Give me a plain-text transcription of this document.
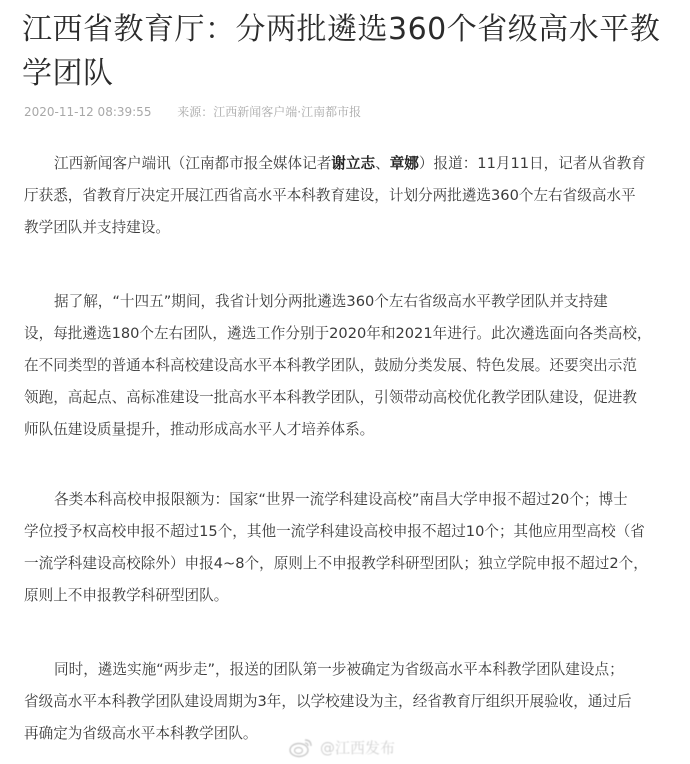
江西省教育厅：分两批遴选360个省级高水平教
学团队
2020-11-12 08:39:55 来源：江西新闻客户端·江南都市报
江西新闻客户端讯（江南都市报全媒体记者谢立志、章娜）报道：11月11日，记者从省教育
厅获悉，省教育厅决定开展江西省高水平本科教育建设，计划分两批遴选360个左右省级高水平
教学团队并支持建设。
据了解，“十四五”期间，我省计划分两批遴选360个左右省级高水平教学团队并支持建
设，每批遴选180个左右团队，遴选工作分别于2020年和2021年进行。此次遴选面向各类高校，
在不同类型的普通本科高校建设高水平本科教学团队，鼓励分类发展、特色发展。还要突出示范
领跑，高起点、高标准建设一批高水平本科教学团队，引领带动高校优化教学团队建设，促进教
师队伍建设质量提升，推动形成高水平人才培养体系。
各类本科高校申报限额为：国家“世界一流学科建设高校”南昌大学申报不超过20个；博士
学位授予权高校申报不超过15个，其他一流学科建设高校申报不超过10个；其他应用型高校（省
一流学科建设高校除外）申报4~8个，原则上不申报教学科研型团队；独立学院申报不超过2个，
原则上不申报教学科研型团队。
同时，遴选实施“两步走”，报送的团队第一步被确定为省级高水平本科教学团队建设点；
省级高水平本科教学团队建设周期为3年，以学校建设为主，经省教育厅组织开展验收，通过后
再确定为省级高水平本科教学团队。
@江西发布
